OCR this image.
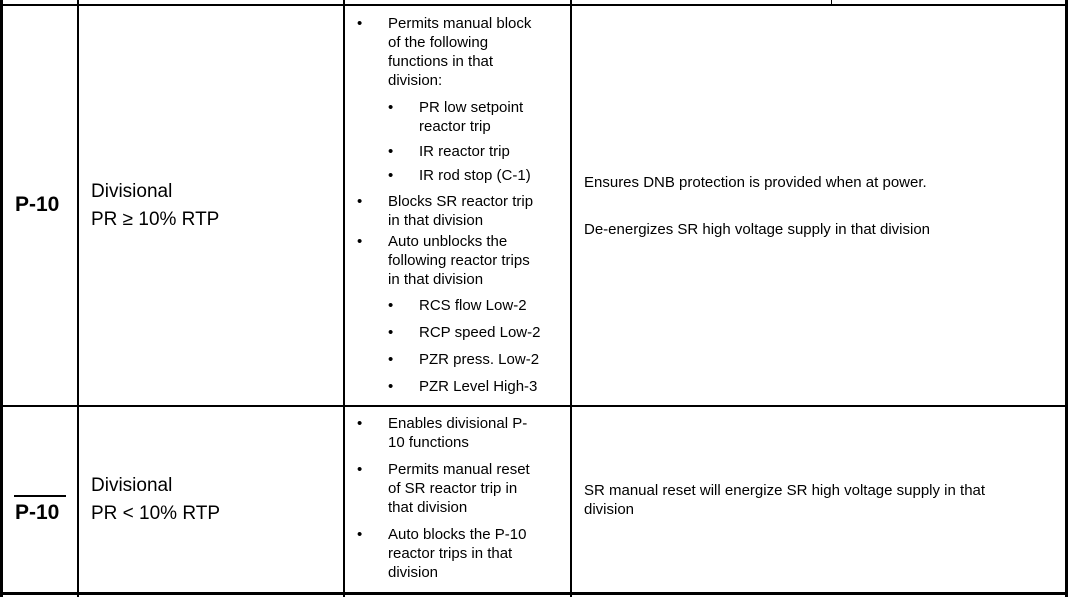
P-10
Divisional
PR ≥ 10% RTP
• Permits manual block
of the following
functions in that
division:
• PR low setpoint
reactor trip
• IR reactor trip
• IR rod stop (C-1)
• Blocks SR reactor trip
in that division
• Auto unblocks the
following reactor trips
in that division
• RCS flow Low-2
• RCP speed Low-2
• PZR press. Low-2
• PZR Level High-3
Ensures DNB protection is provided when at power.
De-energizes SR high voltage supply in that division
P-10
Divisional
PR < 10% RTP
• Enables divisional P-
10 functions
• Permits manual reset
of SR reactor trip in
that division
• Auto blocks the P-10
reactor trips in that
division
SR manual reset will energize SR high voltage supply in that
division
